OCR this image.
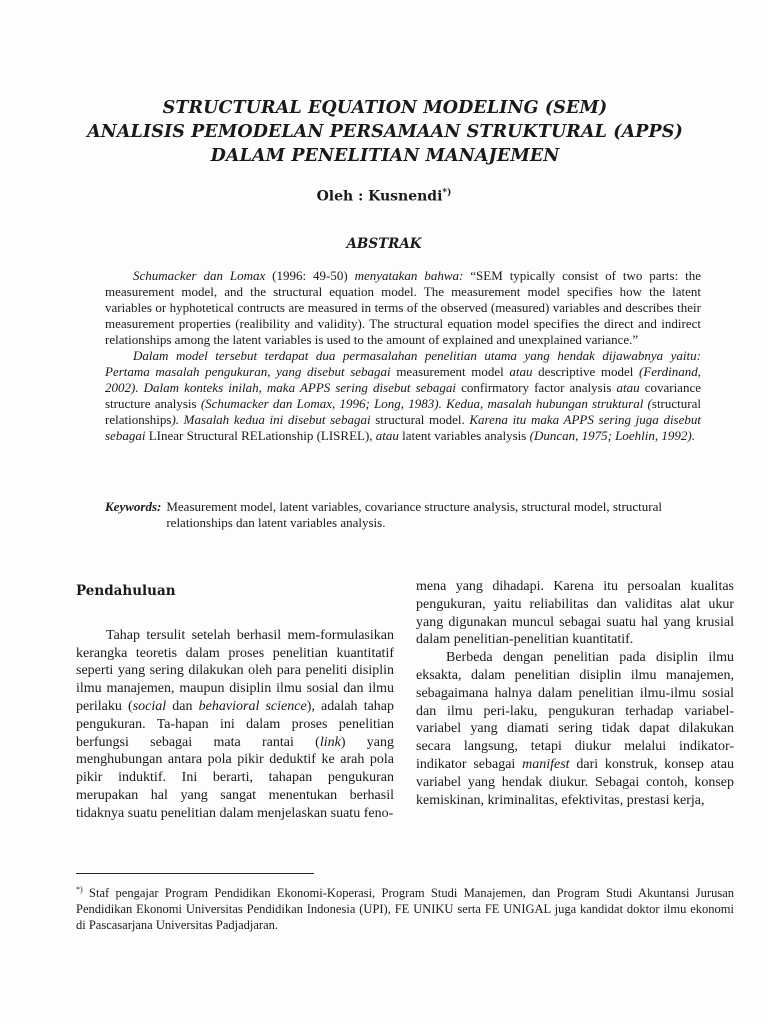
STRUCTURAL EQUATION MODELING (SEM)
ANALISIS PEMODELAN PERSAMAAN STRUKTURAL (APPS)
DALAM PENELITIAN MANAJEMEN
Oleh : Kusnendi*)
ABSTRAK

Schumacker dan Lomax (1996: 49-50) menyatakan bahwa: “SEM typically consist of two parts: the measurement model, and the structural equation model. The measurement model specifies how the latent variables or hyphotetical contructs are measured in terms of the observed (measured) variables and describes their measurement properties (realibility and validity). The structural equation model specifies the direct and indirect relationships among the latent variables is used to the amount of explained and unexplained variance.”

Dalam model tersebut terdapat dua permasalahan penelitian utama yang hendak dijawabnya yaitu: Pertama masalah pengukuran, yang disebut sebagai measurement model atau descriptive model (Ferdinand, 2002). Dalam konteks inilah, maka APPS sering disebut sebagai confirmatory factor analysis atau covariance structure analysis (Schumacker dan Lomax, 1996; Long, 1983). Kedua, masalah hubungan struktural (structural relationships). Masalah kedua ini disebut sebagai structural model. Karena itu maka APPS sering juga disebut sebagai LInear Structural RELationship (LISREL), atau latent variables analysis (Duncan, 1975; Loehlin, 1992).

Keywords: Measurement model, latent variables, covariance structure analysis, structural model, structural relationships dan latent variables analysis.
Pendahuluan

Tahap tersulit setelah berhasil mem-formulasikan kerangka teoretis dalam proses penelitian kuantitatif seperti yang sering dilakukan oleh para peneliti disiplin ilmu manajemen, maupun disiplin ilmu sosial dan ilmu perilaku (social dan behavioral science), adalah tahap pengukuran. Ta-hapan ini dalam proses penelitian berfungsi sebagai mata rantai (link) yang menghubungan antara pola pikir deduktif ke arah pola pikir induktif. Ini berarti, tahapan pengukuran merupakan hal yang sangat menentukan berhasil tidaknya suatu penelitian dalam menjelaskan suatu feno-

mena yang dihadapi. Karena itu persoalan kualitas pengukuran, yaitu reliabilitas dan validitas alat ukur yang digunakan muncul sebagai suatu hal yang krusial dalam penelitian-penelitian kuantitatif.

Berbeda dengan penelitian pada disiplin ilmu eksakta, dalam penelitian disiplin ilmu manajemen, sebagaimana halnya dalam penelitian ilmu-ilmu sosial dan ilmu peri-laku, pengukuran terhadap variabel-variabel yang diamati sering tidak dapat dilakukan secara langsung, tetapi diukur melalui indikator-indikator sebagai manifest dari konstruk, konsep atau variabel yang hendak diukur. Sebagai contoh, konsep kemiskinan, kriminalitas, efektivitas, prestasi kerja,

*) Staf pengajar Program Pendidikan Ekonomi-Koperasi, Program Studi Manajemen, dan Program Studi Akuntansi Jurusan Pendidikan Ekonomi Universitas Pendidikan Indonesia (UPI), FE UNIKU serta FE UNIGAL juga kandidat doktor ilmu ekonomi di Pascasarjana Universitas Padjadjaran.
